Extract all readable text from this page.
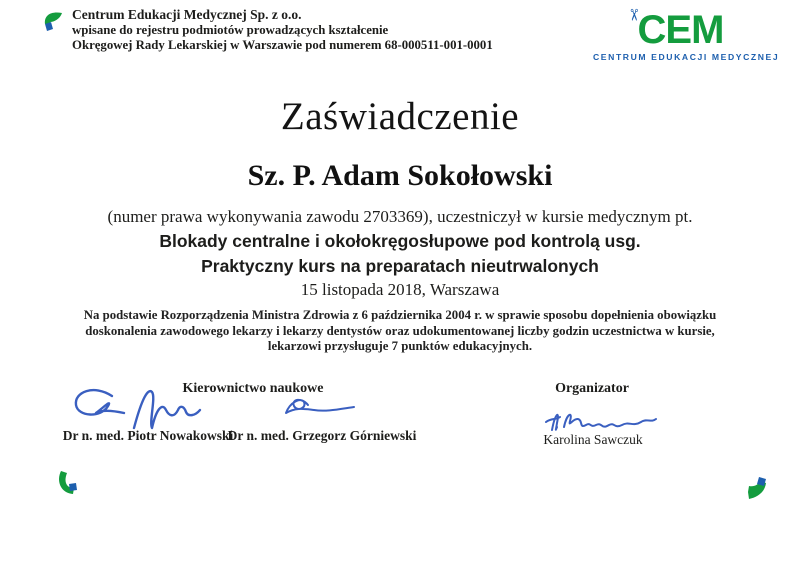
Centrum Edukacji Medycznej Sp. z o.o.
wpisane do rejestru podmiotów prowadzących kształcenie
Okręgowej Rady Lekarskiej w Warszawie pod numerem 68-000511-001-0001	CEM
✂
CENTRUM EDUKACJI MEDYCZNEJ
Zaświadczenie
Sz. P. Adam Sokołowski
(numer prawa wykonywania zawodu 2703369), uczestniczył w kursie medycznym pt.
Blokady centralne i okołokręgosłupowe pod kontrolą usg.
Praktyczny kurs na preparatach nieutrwalonych
15 listopada 2018, Warszawa
Na podstawie Rozporządzenia Ministra Zdrowia z 6 października 2004 r. w sprawie sposobu dopełnienia obowiązku
doskonalenia zawodowego lekarzy i lekarzy dentystów oraz udokumentowanej liczby godzin uczestnictwa w kursie,
lekarzowi przysługuje 7 punktów edukacyjnych.
Kierownictwo naukowe	Organizator
Dr n. med. Piotr Nowakowski
Dr n. med. Grzegorz Górniewski	Karolina Sawczuk
